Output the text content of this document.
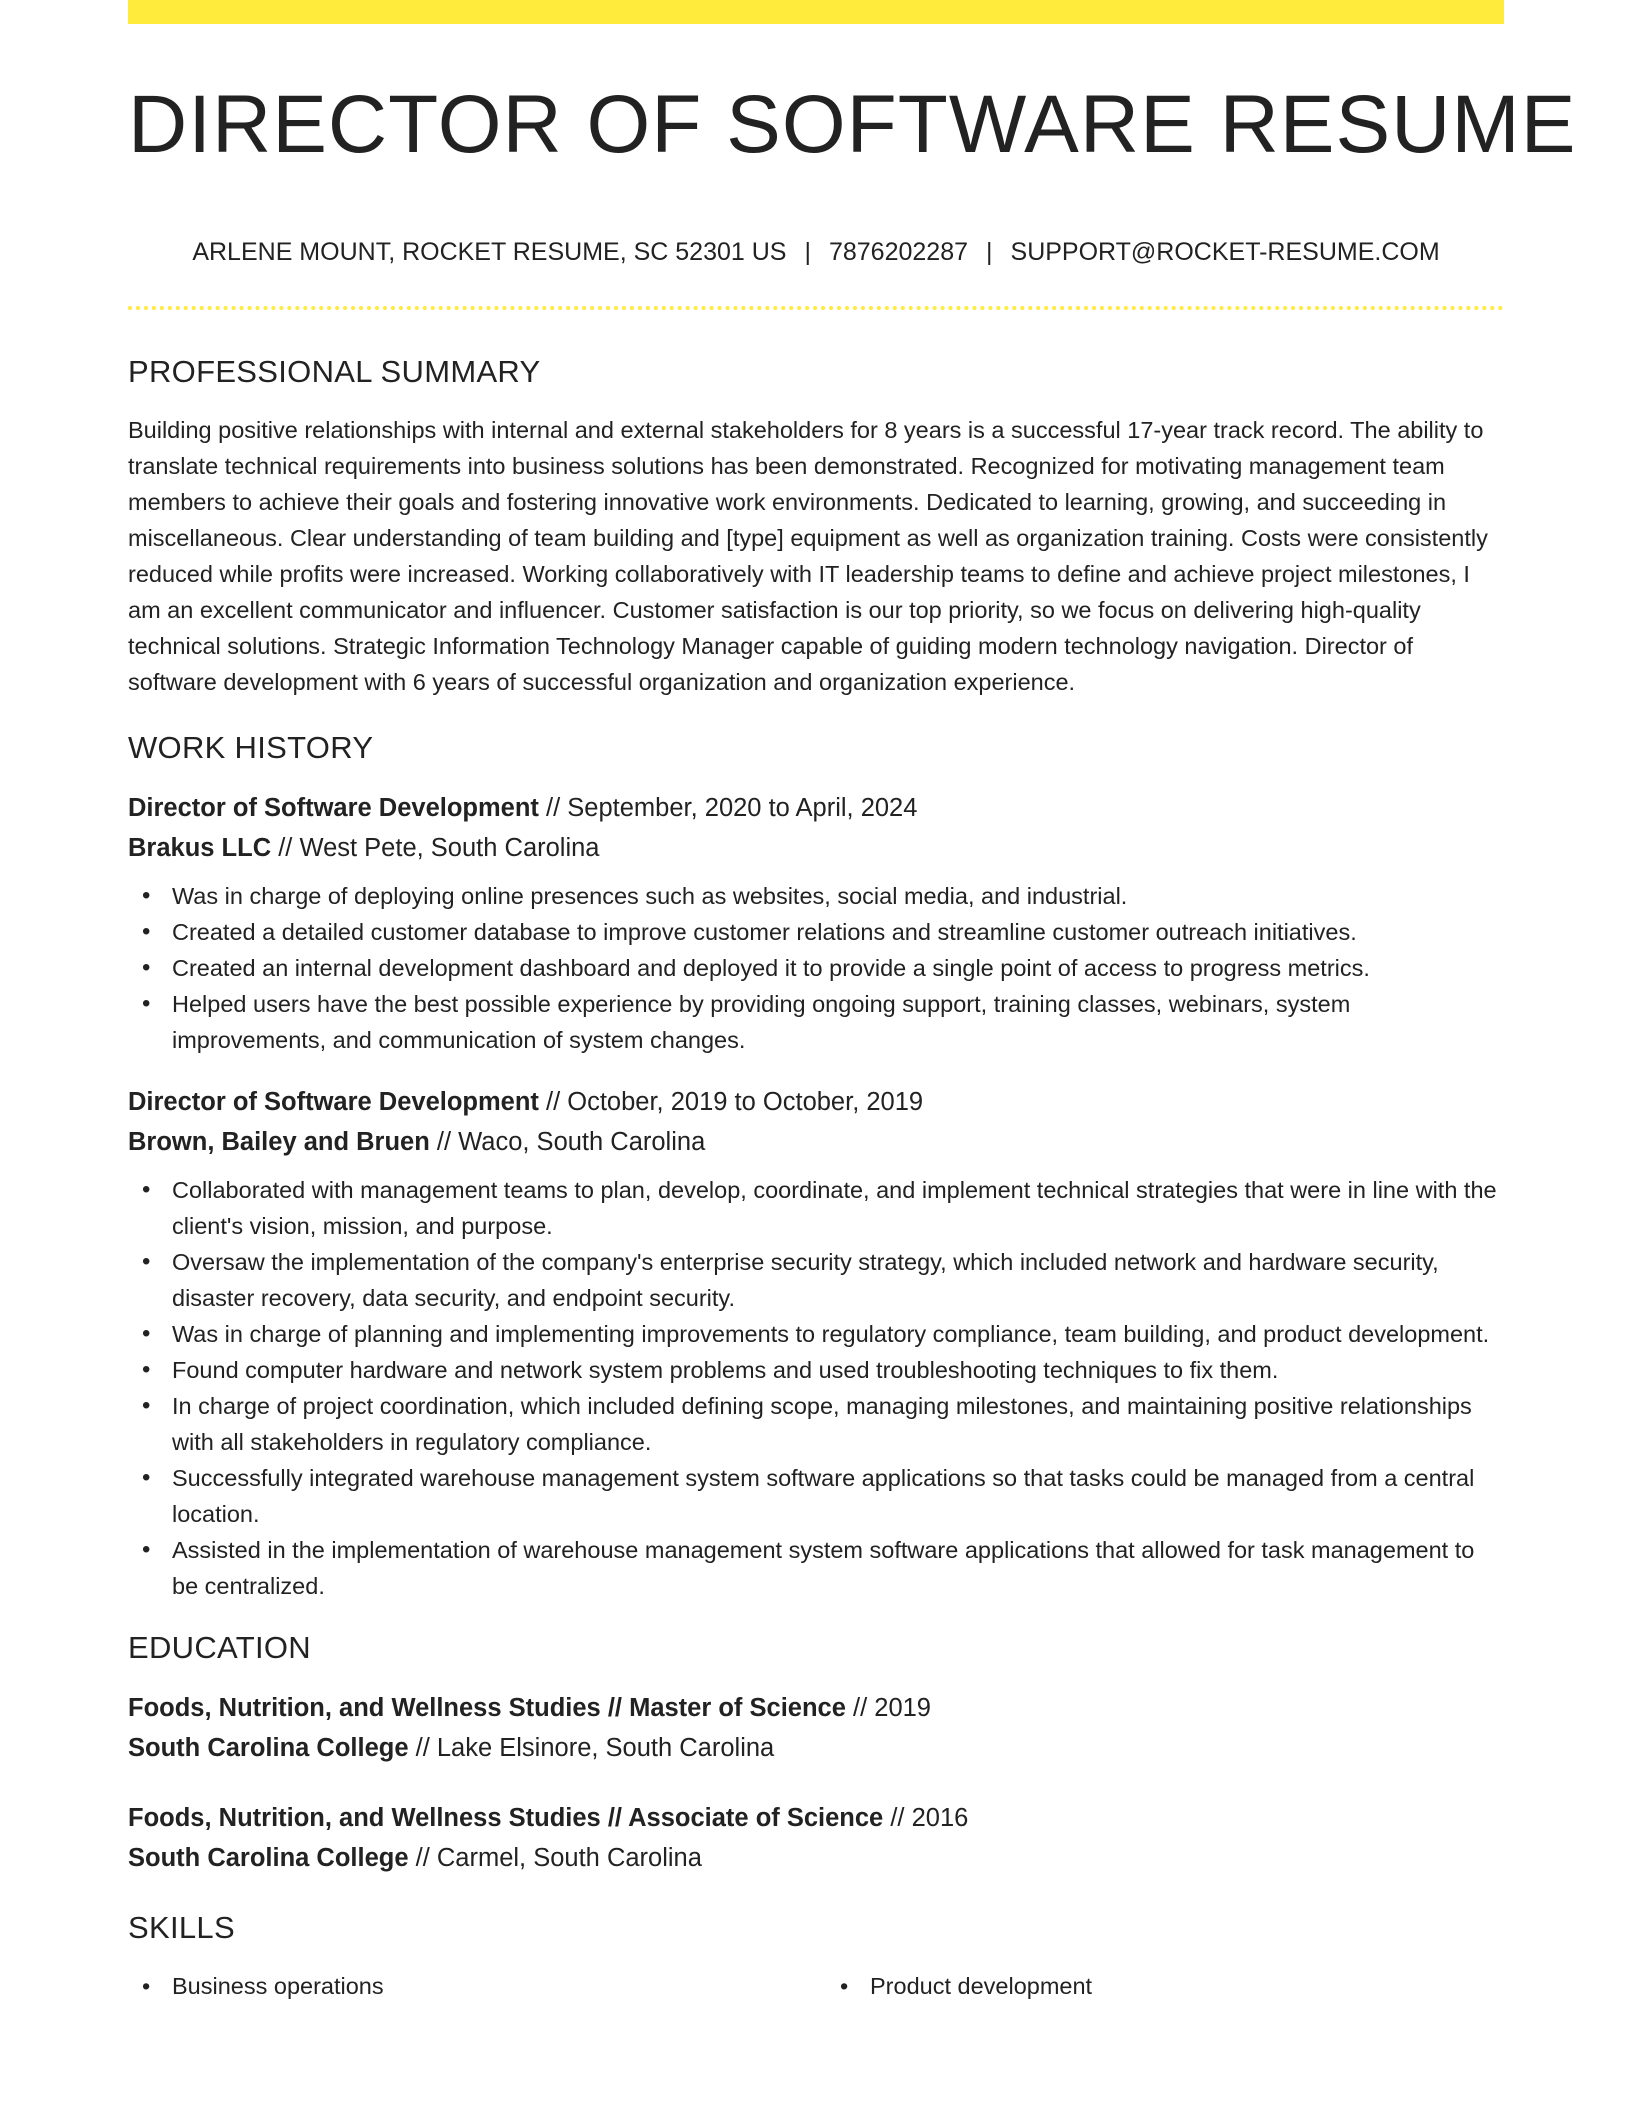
DIRECTOR OF SOFTWARE RESUME
ARLENE MOUNT, ROCKET RESUME, SC 52301 US | 7876202287 | SUPPORT@ROCKET-RESUME.COM
PROFESSIONAL SUMMARY

Building positive relationships with internal and external stakeholders for 8 years is a successful 17-year track record. The ability to translate technical requirements into business solutions has been demonstrated. Recognized for motivating management team members to achieve their goals and fostering innovative work environments. Dedicated to learning, growing, and succeeding in miscellaneous. Clear understanding of team building and [type] equipment as well as organization training. Costs were consistently reduced while profits were increased. Working collaboratively with IT leadership teams to define and achieve project milestones, I am an excellent communicator and influencer. Customer satisfaction is our top priority, so we focus on delivering high-quality technical solutions. Strategic Information Technology Manager capable of guiding modern technology navigation. Director of software development with 6 years of successful organization and organization experience.

WORK HISTORY
Director of Software Development // September, 2020 to April, 2024
Brakus LLC // West Pete, South Carolina
• Was in charge of deploying online presences such as websites, social media, and industrial.
• Created a detailed customer database to improve customer relations and streamline customer outreach initiatives.
• Created an internal development dashboard and deployed it to provide a single point of access to progress metrics.
• Helped users have the best possible experience by providing ongoing support, training classes, webinars, system improvements, and communication of system changes.
Director of Software Development // October, 2019 to October, 2019
Brown, Bailey and Bruen // Waco, South Carolina
• Collaborated with management teams to plan, develop, coordinate, and implement technical strategies that were in line with the client's vision, mission, and purpose.
• Oversaw the implementation of the company's enterprise security strategy, which included network and hardware security, disaster recovery, data security, and endpoint security.
• Was in charge of planning and implementing improvements to regulatory compliance, team building, and product development.
• Found computer hardware and network system problems and used troubleshooting techniques to fix them.
• In charge of project coordination, which included defining scope, managing milestones, and maintaining positive relationships with all stakeholders in regulatory compliance.
• Successfully integrated warehouse management system software applications so that tasks could be managed from a central location.
• Assisted in the implementation of warehouse management system software applications that allowed for task management to be centralized.
EDUCATION
Foods, Nutrition, and Wellness Studies // Master of Science // 2019
South Carolina College // Lake Elsinore, South Carolina
Foods, Nutrition, and Wellness Studies // Associate of Science // 2016
South Carolina College // Carmel, South Carolina
SKILLS
• Business operations
•	Product development
